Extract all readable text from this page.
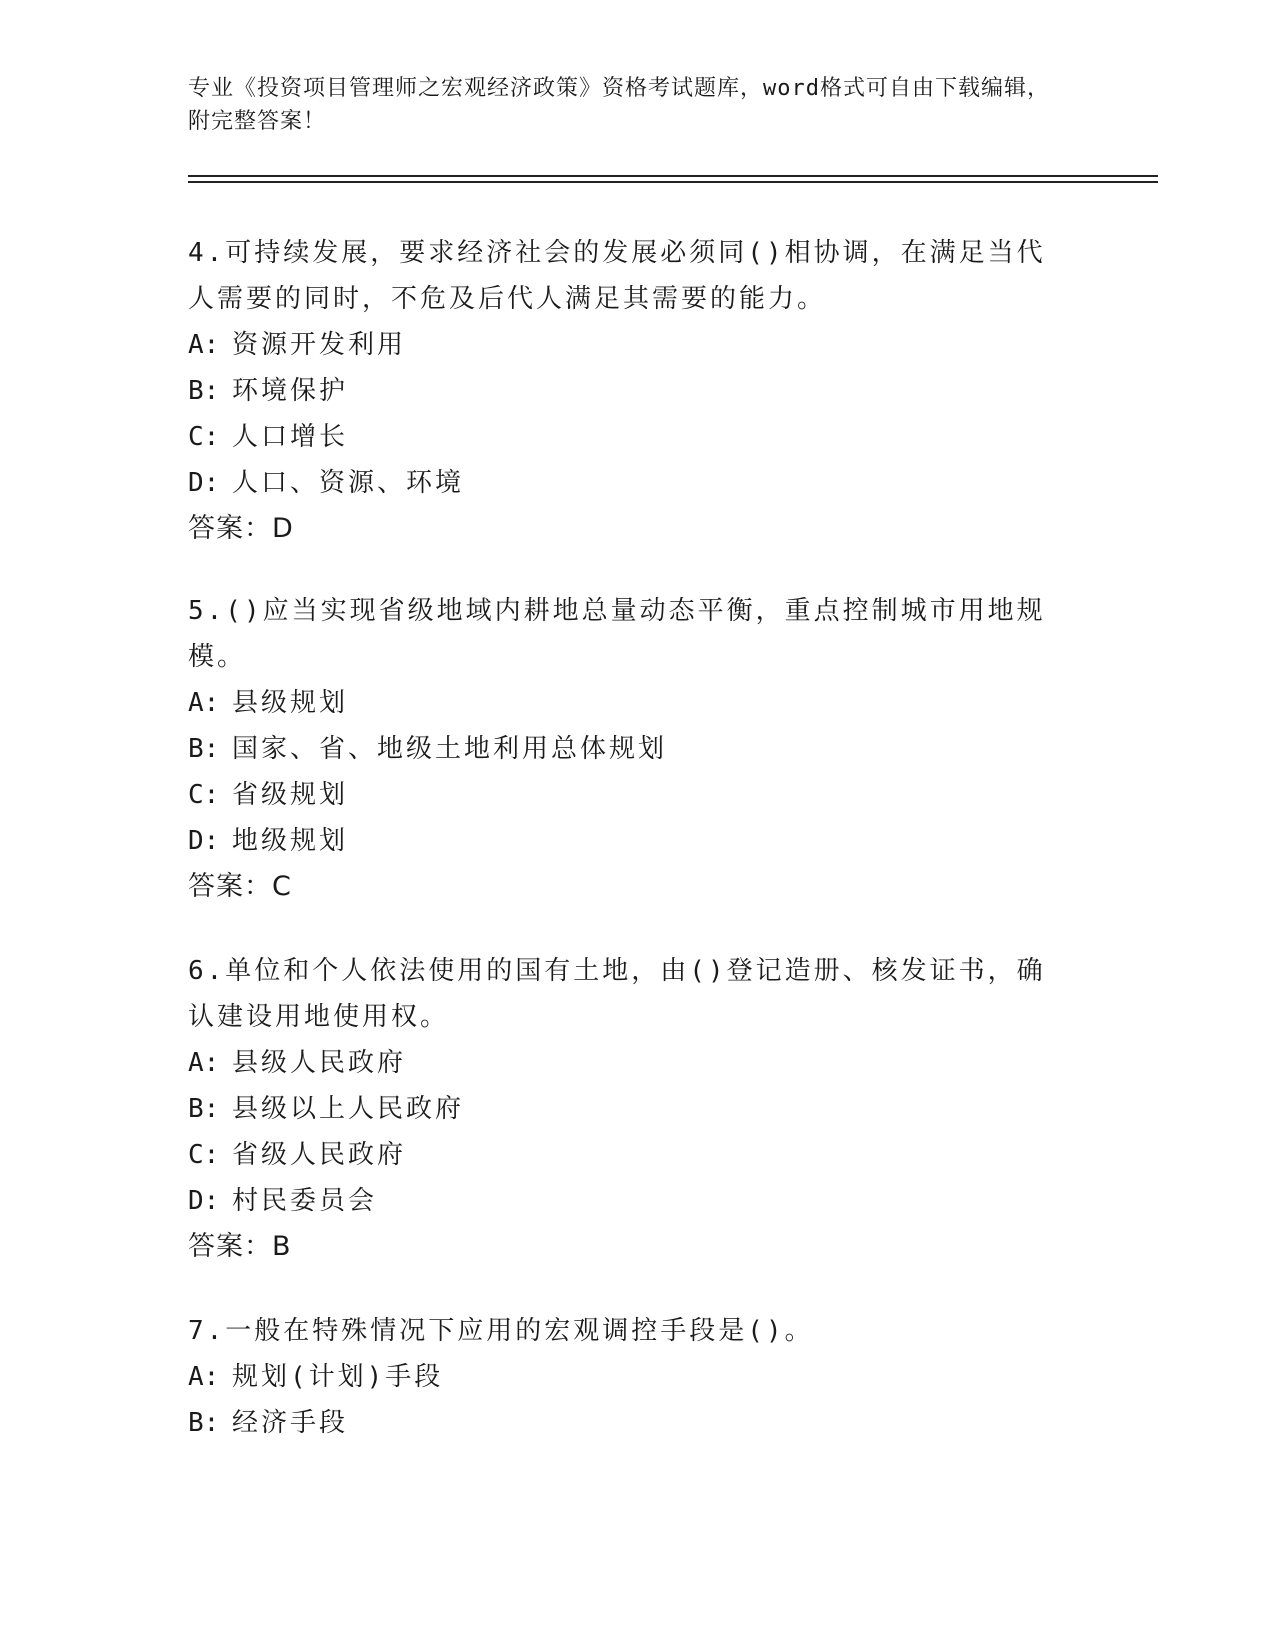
专业《投资项目管理师之宏观经济政策》资格考试题库，word格式可自由下载编辑，附完整答案！
4.可持续发展，要求经济社会的发展必须同()相协调，在满足当代人需要的同时，不危及后代人满足其需要的能力。
A: 资源开发利用
B: 环境保护
C: 人口增长
D: 人口、资源、环境
答案：D
5.()应当实现省级地域内耕地总量动态平衡，重点控制城市用地规模。
A: 县级规划
B: 国家、省、地级土地利用总体规划
C: 省级规划
D: 地级规划
答案：C
6.单位和个人依法使用的国有土地，由()登记造册、核发证书，确认建设用地使用权。
A: 县级人民政府
B: 县级以上人民政府
C: 省级人民政府
D: 村民委员会
答案：B
7.一般在特殊情况下应用的宏观调控手段是()。
A: 规划(计划)手段
B: 经济手段
